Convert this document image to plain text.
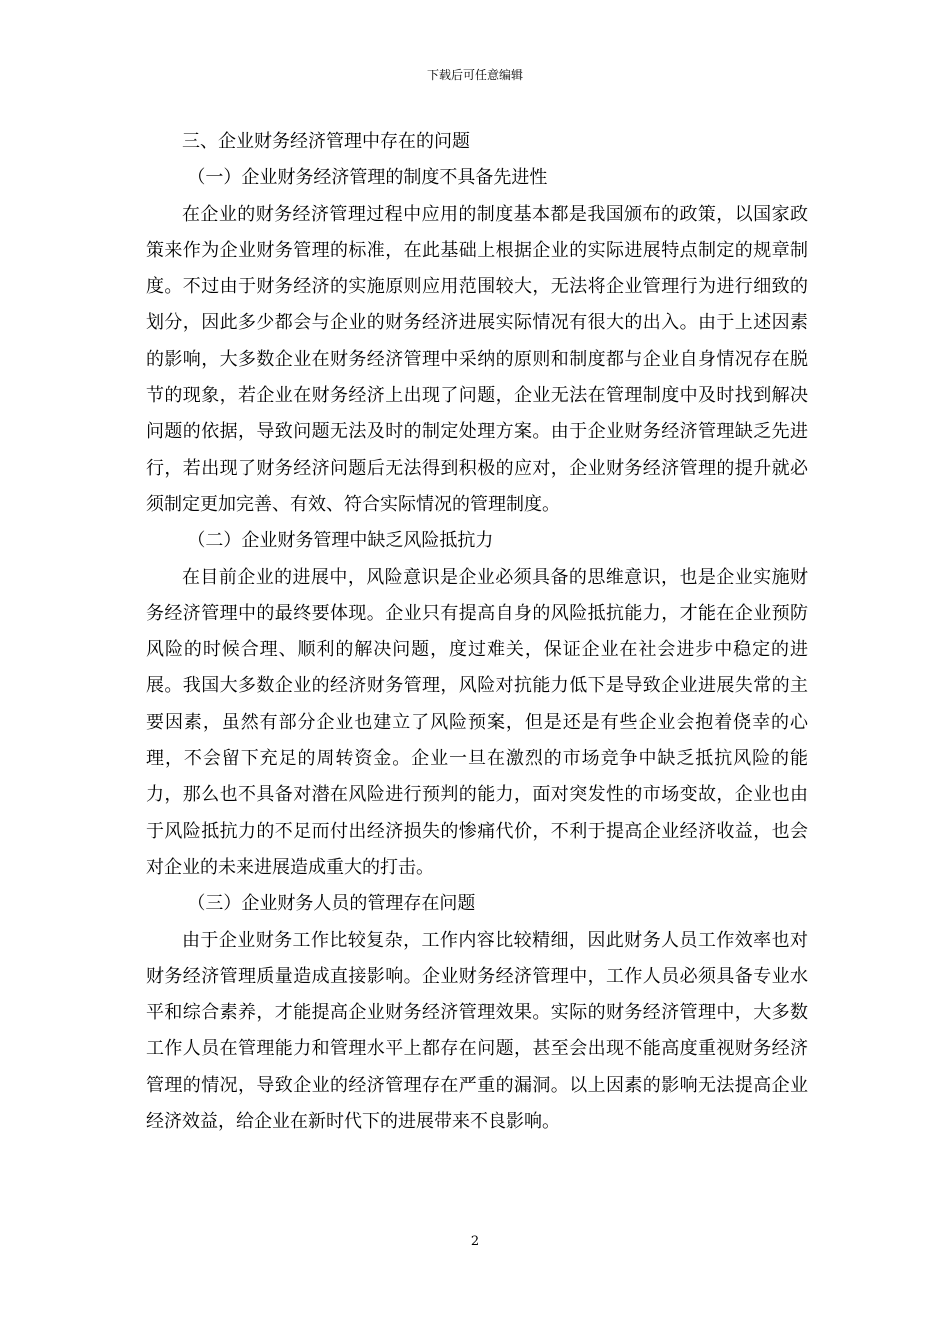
下载后可任意编辑

三、企业财务经济管理中存在的问题

（一）企业财务经济管理的制度不具备先进性

在企业的财务经济管理过程中应用的制度基本都是我国颁布的政策，以国家政策来作为企业财务管理的标准，在此基础上根据企业的实际进展特点制定的规章制度。不过由于财务经济的实施原则应用范围较大，无法将企业管理行为进行细致的划分，因此多少都会与企业的财务经济进展实际情况有很大的出入。由于上述因素的影响，大多数企业在财务经济管理中采纳的原则和制度都与企业自身情况存在脱节的现象，若企业在财务经济上出现了问题，企业无法在管理制度中及时找到解决问题的依据，导致问题无法及时的制定处理方案。由于企业财务经济管理缺乏先进行，若出现了财务经济问题后无法得到积极的应对，企业财务经济管理的提升就必须制定更加完善、有效、符合实际情况的管理制度。

（二）企业财务管理中缺乏风险抵抗力

在目前企业的进展中，风险意识是企业必须具备的思维意识，也是企业实施财务经济管理中的最终要体现。企业只有提高自身的风险抵抗能力，才能在企业预防风险的时候合理、顺利的解决问题，度过难关，保证企业在社会进步中稳定的进展。我国大多数企业的经济财务管理，风险对抗能力低下是导致企业进展失常的主要因素，虽然有部分企业也建立了风险预案，但是还是有些企业会抱着侥幸的心理，不会留下充足的周转资金。企业一旦在激烈的市场竞争中缺乏抵抗风险的能力，那么也不具备对潜在风险进行预判的能力，面对突发性的市场变故，企业也由于风险抵抗力的不足而付出经济损失的惨痛代价，不利于提高企业经济收益，也会对企业的未来进展造成重大的打击。

（三）企业财务人员的管理存在问题

由于企业财务工作比较复杂，工作内容比较精细，因此财务人员工作效率也对财务经济管理质量造成直接影响。企业财务经济管理中，工作人员必须具备专业水平和综合素养，才能提高企业财务经济管理效果。实际的财务经济管理中，大多数工作人员在管理能力和管理水平上都存在问题，甚至会出现不能高度重视财务经济管理的情况，导致企业的经济管理存在严重的漏洞。以上因素的影响无法提高企业经济效益，给企业在新时代下的进展带来不良影响。

2
